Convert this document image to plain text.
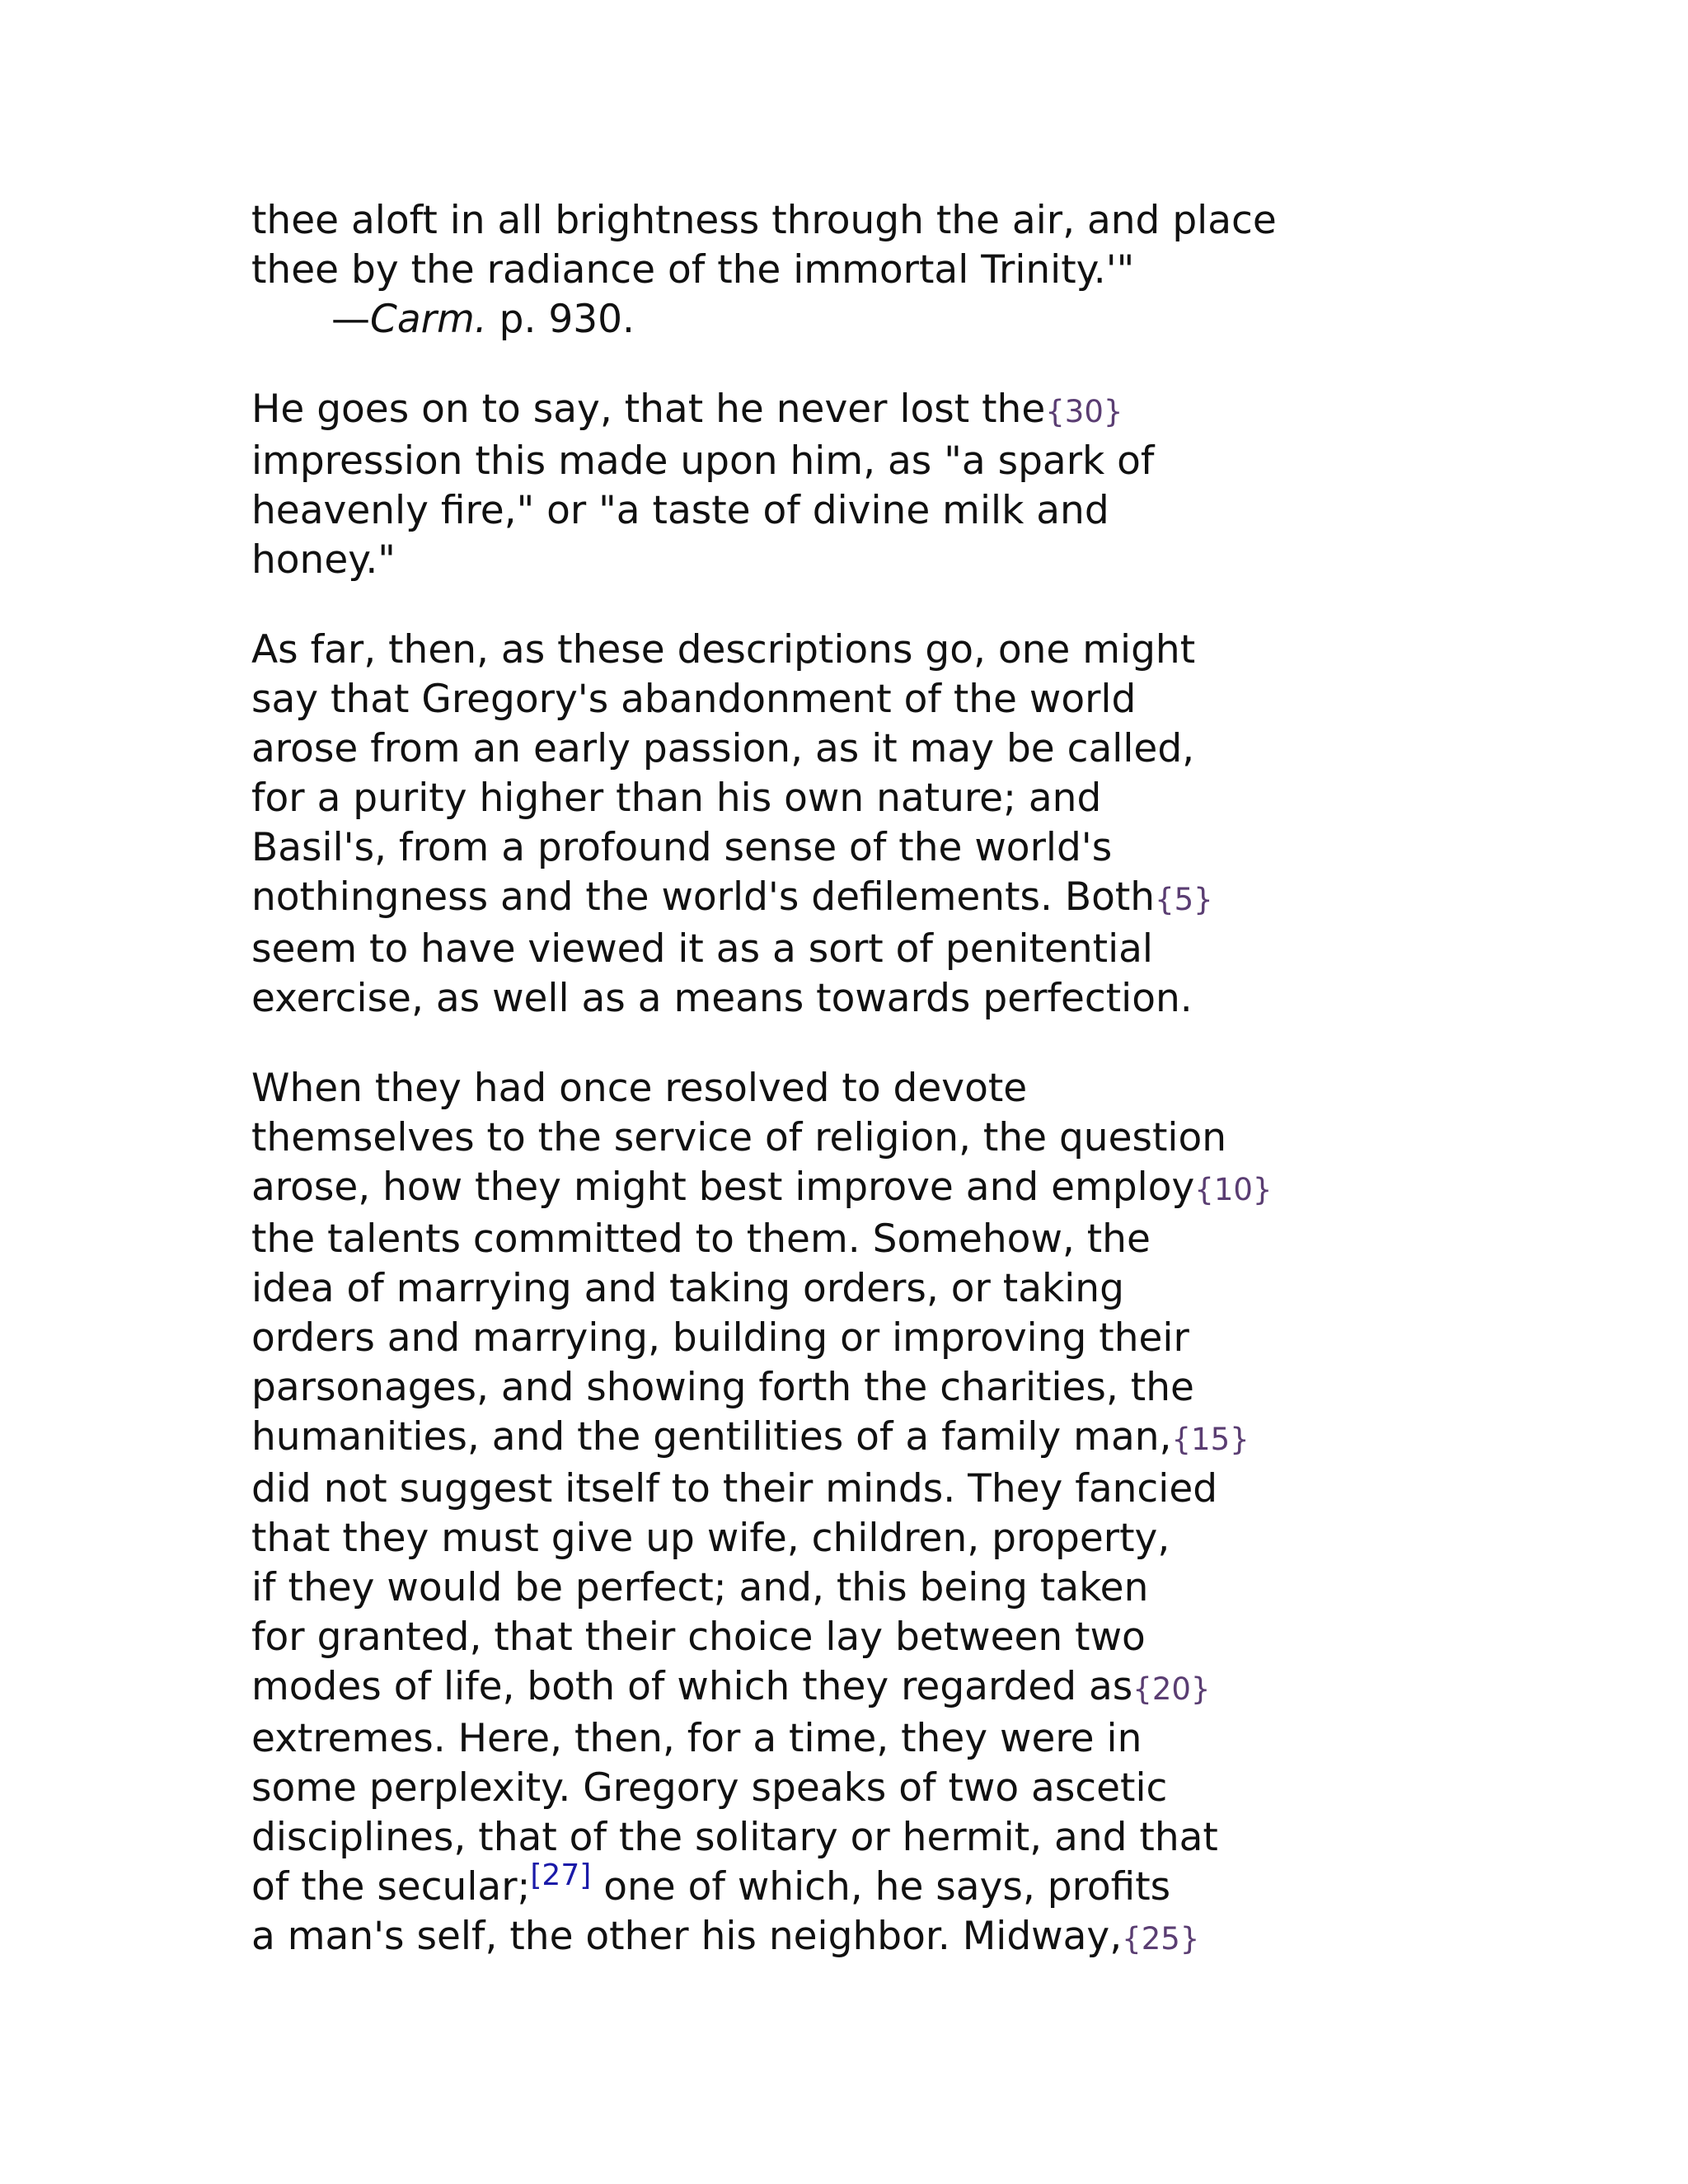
thee aloft in all brightness through the air, and place
thee by the radiance of the immortal Trinity.'"
—Carm. p. 930.
He goes on to say, that he never lost the{30}
impression this made upon him, as "a spark of
heavenly fire," or "a taste of divine milk and
honey."
As far, then, as these descriptions go, one might
say that Gregory's abandonment of the world
arose from an early passion, as it may be called,
for a purity higher than his own nature; and
Basil's, from a profound sense of the world's
nothingness and the world's defilements. Both{5}
seem to have viewed it as a sort of penitential
exercise, as well as a means towards perfection.
When they had once resolved to devote
themselves to the service of religion, the question
arose, how they might best improve and employ{10}
the talents committed to them. Somehow, the
idea of marrying and taking orders, or taking
orders and marrying, building or improving their
parsonages, and showing forth the charities, the
humanities, and the gentilities of a family man,{15}
did not suggest itself to their minds. They fancied
that they must give up wife, children, property,
if they would be perfect; and, this being taken
for granted, that their choice lay between two
modes of life, both of which they regarded as{20}
extremes. Here, then, for a time, they were in
some perplexity. Gregory speaks of two ascetic
disciplines, that of the solitary or hermit, and that
of the secular;[27] one of which, he says, profits
a man's self, the other his neighbor. Midway,{25}
